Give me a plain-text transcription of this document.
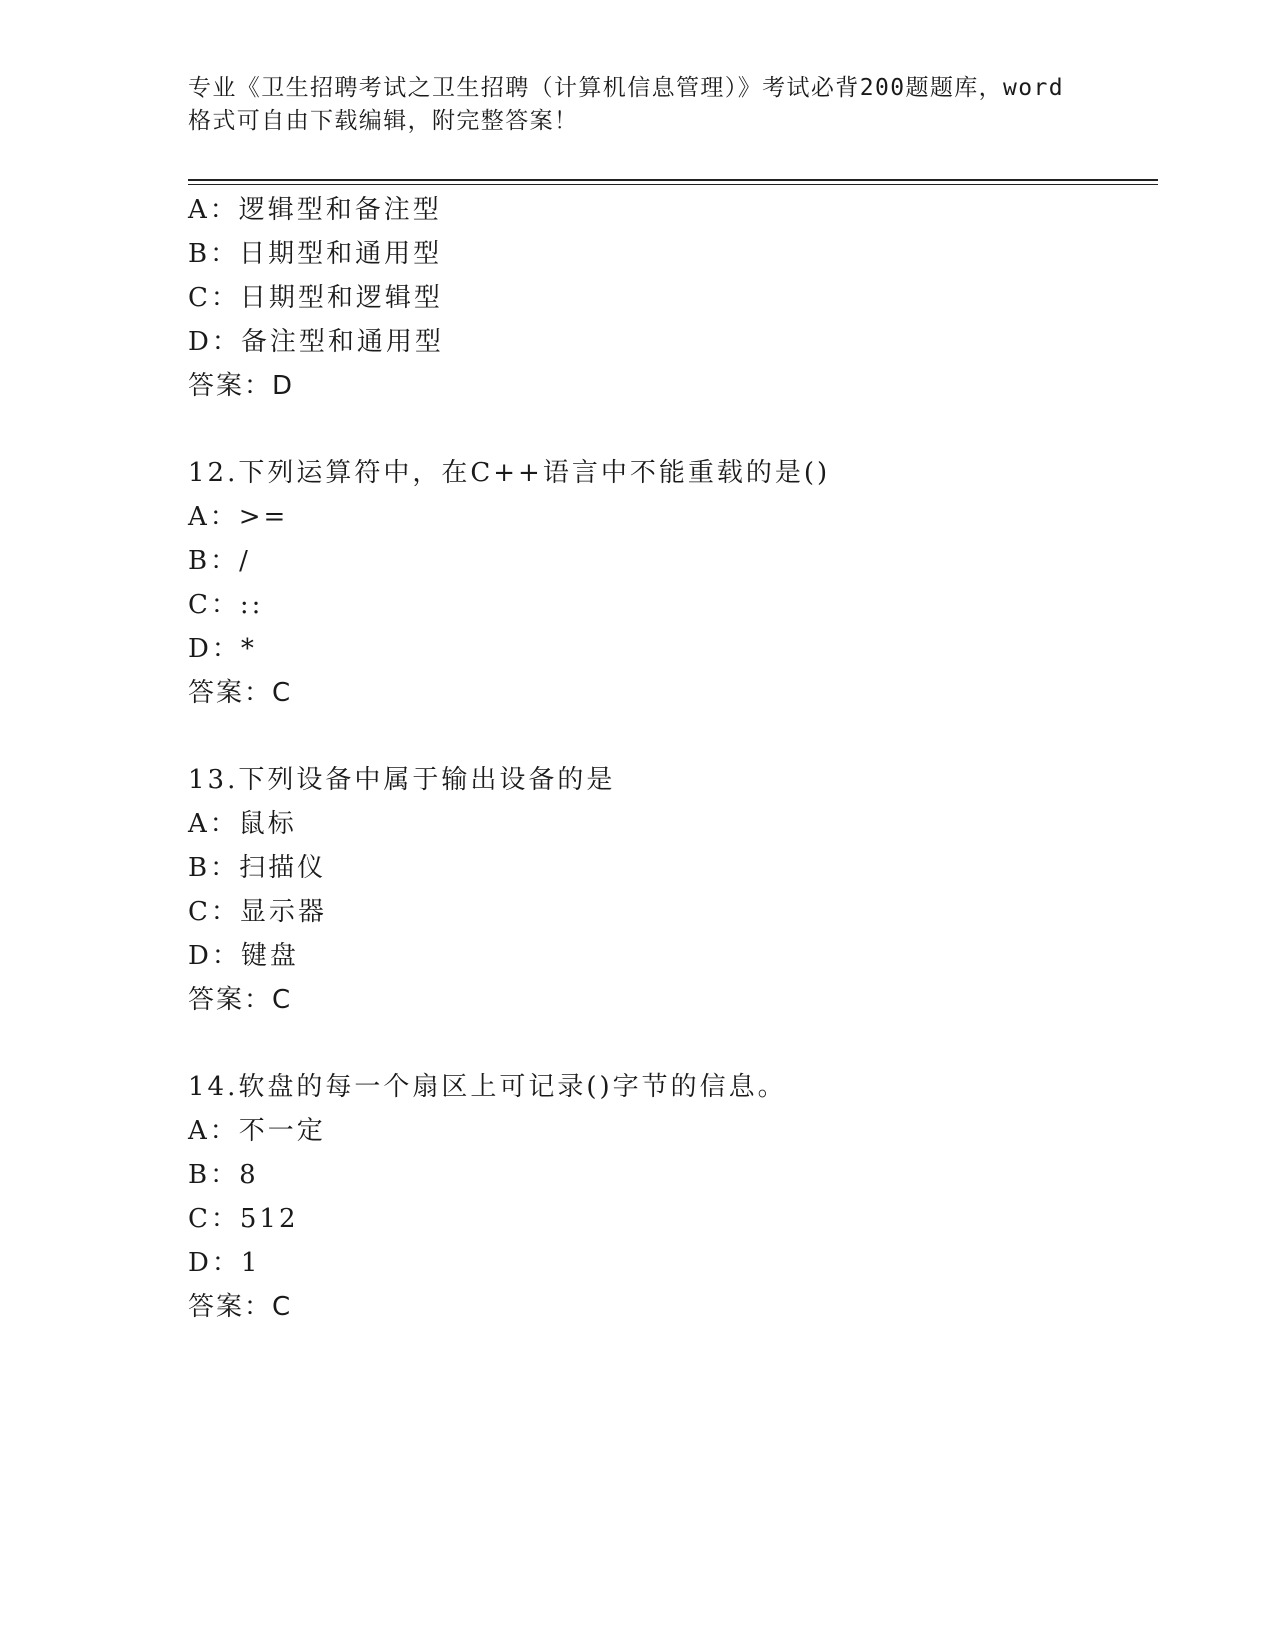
专业《卫生招聘考试之卫生招聘（计算机信息管理）》考试必背200题题库，word
格式可自由下载编辑，附完整答案！
A：逻辑型和备注型
B：日期型和通用型
C：日期型和逻辑型
D：备注型和通用型
答案：D
12.下列运算符中，在C++语言中不能重载的是()
A：>=
B：/
C：::
D：*
答案：C
13.下列设备中属于输出设备的是
A：鼠标
B：扫描仪
C：显示器
D：键盘
答案：C
14.软盘的每一个扇区上可记录()字节的信息。
A：不一定
B：8
C：512
D：1
答案：C
